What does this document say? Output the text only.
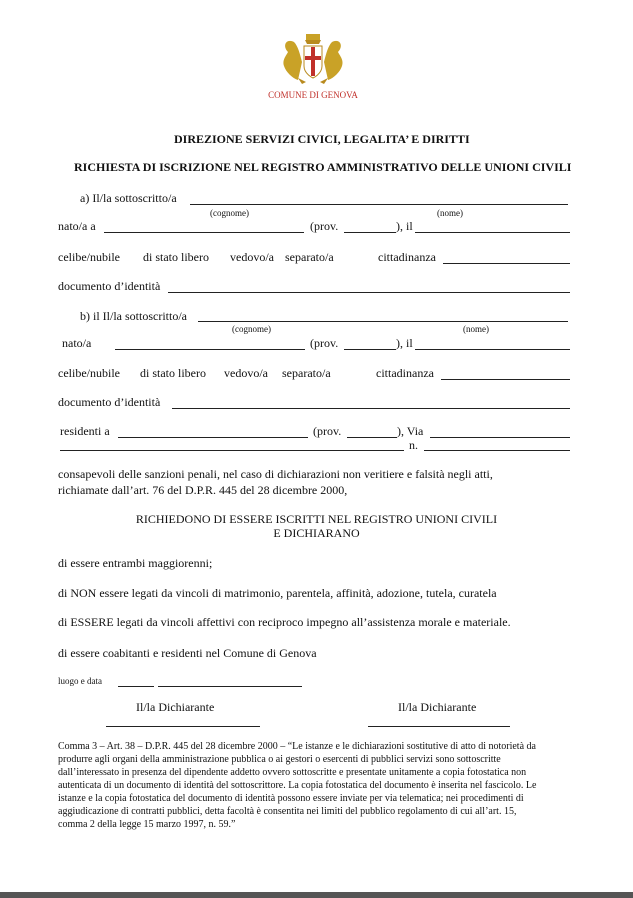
COMUNE DI GENOVA
DIREZIONE SERVIZI CIVICI, LEGALITA’ E DIRITTI
RICHIESTA DI ISCRIZIONE NEL REGISTRO AMMINISTRATIVO DELLE UNIONI CIVILI
a) Il/la sottoscritto/a
(cognome)	(nome)
nato/a a	(prov.	), il
celibe/nubile di stato libero vedovo/a separato/a	cittadinanza
documento d’identità
b) il Il/la sottoscritto/a
(cognome)	(nome)
nato/a	(prov.	), il
celibe/nubile di stato libero vedovo/a separato/a	cittadinanza
documento d’identità
residenti a	(prov.	), Via
n.
consapevoli delle sanzioni penali, nel caso di dichiarazioni non veritiere e falsità negli atti,
richiamate dall’art. 76 del D.P.R. 445 del 28 dicembre 2000,
RICHIEDONO DI ESSERE ISCRITTI NEL REGISTRO UNIONI CIVILI
E DICHIARANO
di essere entrambi maggiorenni;
di NON essere legati da vincoli di matrimonio, parentela, affinità, adozione, tutela, curatela
di ESSERE legati da vincoli affettivi con reciproco impegno all’assistenza morale e materiale.
di essere coabitanti e residenti nel Comune di Genova
luogo e data
Il/la Dichiarante	Il/la Dichiarante
Comma 3 – Art. 38 – D.P.R. 445 del 28 dicembre 2000 – “Le istanze e le dichiarazioni sostitutive di atto di notorietà da
produrre agli organi della amministrazione pubblica o ai gestori o esercenti di pubblici servizi sono sottoscritte
dall’interessato in presenza del dipendente addetto ovvero sottoscritte e presentate unitamente a copia fotostatica non
autenticata di un documento di identità del sottoscrittore. La copia fotostatica del documento è inserita nel fascicolo. Le
istanze e la copia fotostatica del documento di identità possono essere inviate per via telematica; nei procedimenti di
aggiudicazione di contratti pubblici, detta facoltà è consentita nei limiti del pubblico regolamento di cui all’art. 15,
comma 2 della legge 15 marzo 1997, n. 59.”
